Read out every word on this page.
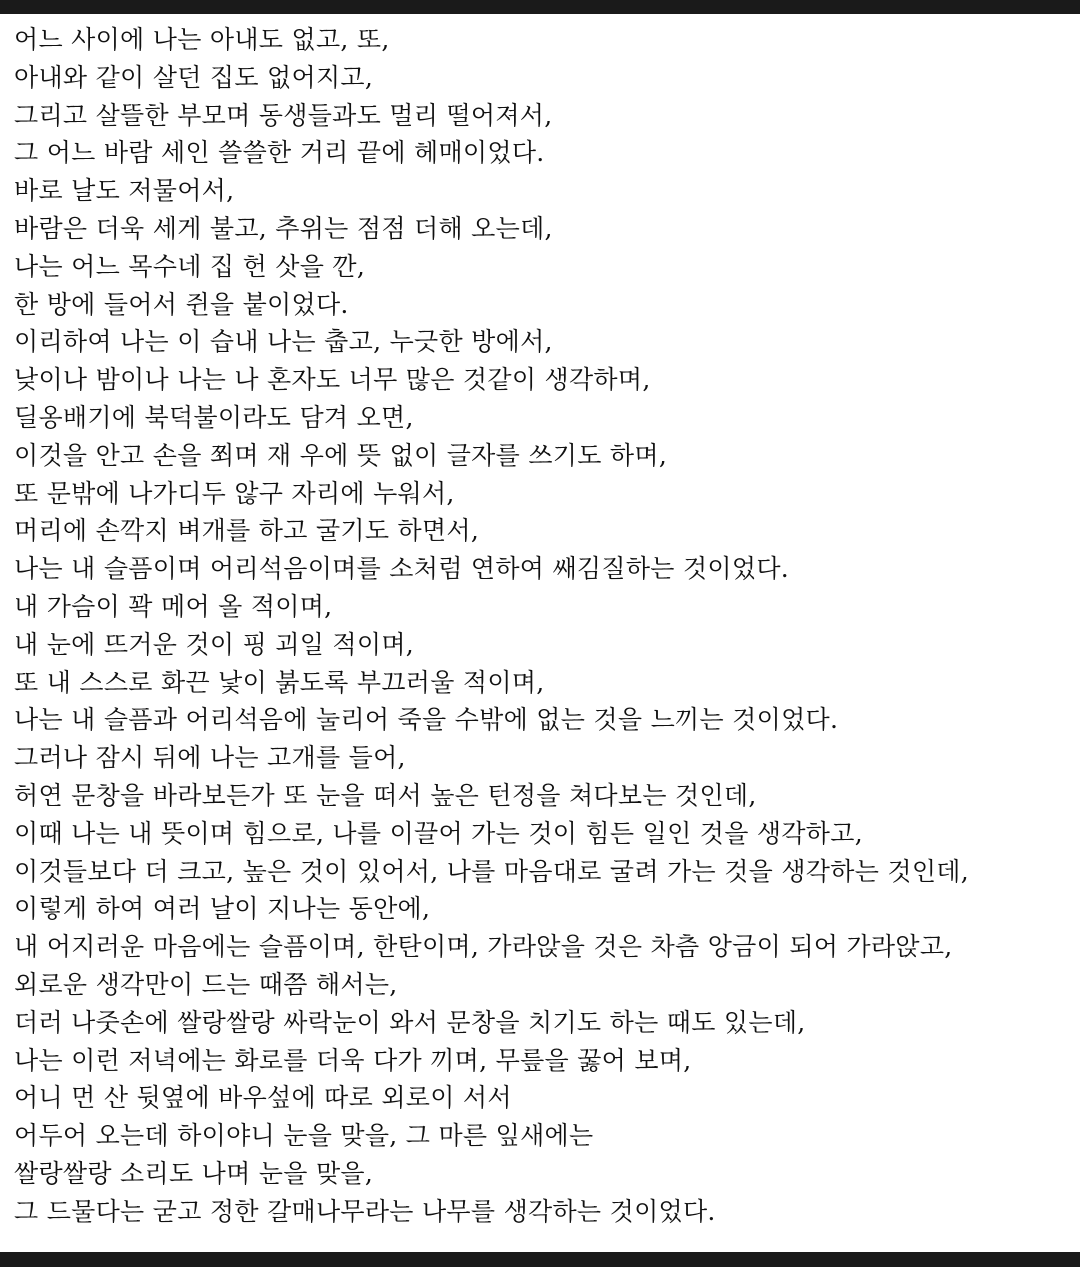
어느 사이에 나는 아내도 없고, 또,
아내와 같이 살던 집도 없어지고,
그리고 살뜰한 부모며 동생들과도 멀리 떨어져서,
그 어느 바람 세인 쓸쓸한 거리 끝에 헤매이었다.
바로 날도 저물어서,
바람은 더욱 세게 불고, 추위는 점점 더해 오는데,
나는 어느 목수네 집 헌 삿을 깐,
한 방에 들어서 쥔을 붙이었다.
이리하여 나는 이 습내 나는 춥고, 누긋한 방에서,
낮이나 밤이나 나는 나 혼자도 너무 많은 것같이 생각하며,
딜옹배기에 북덕불이라도 담겨 오면,
이것을 안고 손을 쬐며 재 우에 뜻 없이 글자를 쓰기도 하며,
또 문밖에 나가디두 않구 자리에 누워서,
머리에 손깍지 벼개를 하고 굴기도 하면서,
나는 내 슬픔이며 어리석음이며를 소처럼 연하여 쌔김질하는 것이었다.
내 가슴이 꽉 메어 올 적이며,
내 눈에 뜨거운 것이 핑 괴일 적이며,
또 내 스스로 화끈 낯이 붉도록 부끄러울 적이며,
나는 내 슬픔과 어리석음에 눌리어 죽을 수밖에 없는 것을 느끼는 것이었다.
그러나 잠시 뒤에 나는 고개를 들어,
허연 문창을 바라보든가 또 눈을 떠서 높은 턴정을 쳐다보는 것인데,
이때 나는 내 뜻이며 힘으로, 나를 이끌어 가는 것이 힘든 일인 것을 생각하고,
이것들보다 더 크고, 높은 것이 있어서, 나를 마음대로 굴려 가는 것을 생각하는 것인데,
이렇게 하여 여러 날이 지나는 동안에,
내 어지러운 마음에는 슬픔이며, 한탄이며, 가라앉을 것은 차츰 앙금이 되어 가라앉고,
외로운 생각만이 드는 때쯤 해서는,
더러 나줏손에 쌀랑쌀랑 싸락눈이 와서 문창을 치기도 하는 때도 있는데,
나는 이런 저녁에는 화로를 더욱 다가 끼며, 무릎을 꿇어 보며,
어니 먼 산 뒷옆에 바우섶에 따로 외로이 서서
어두어 오는데 하이야니 눈을 맞을, 그 마른 잎새에는
쌀랑쌀랑 소리도 나며 눈을 맞을,
그 드물다는 굳고 정한 갈매나무라는 나무를 생각하는 것이었다.
